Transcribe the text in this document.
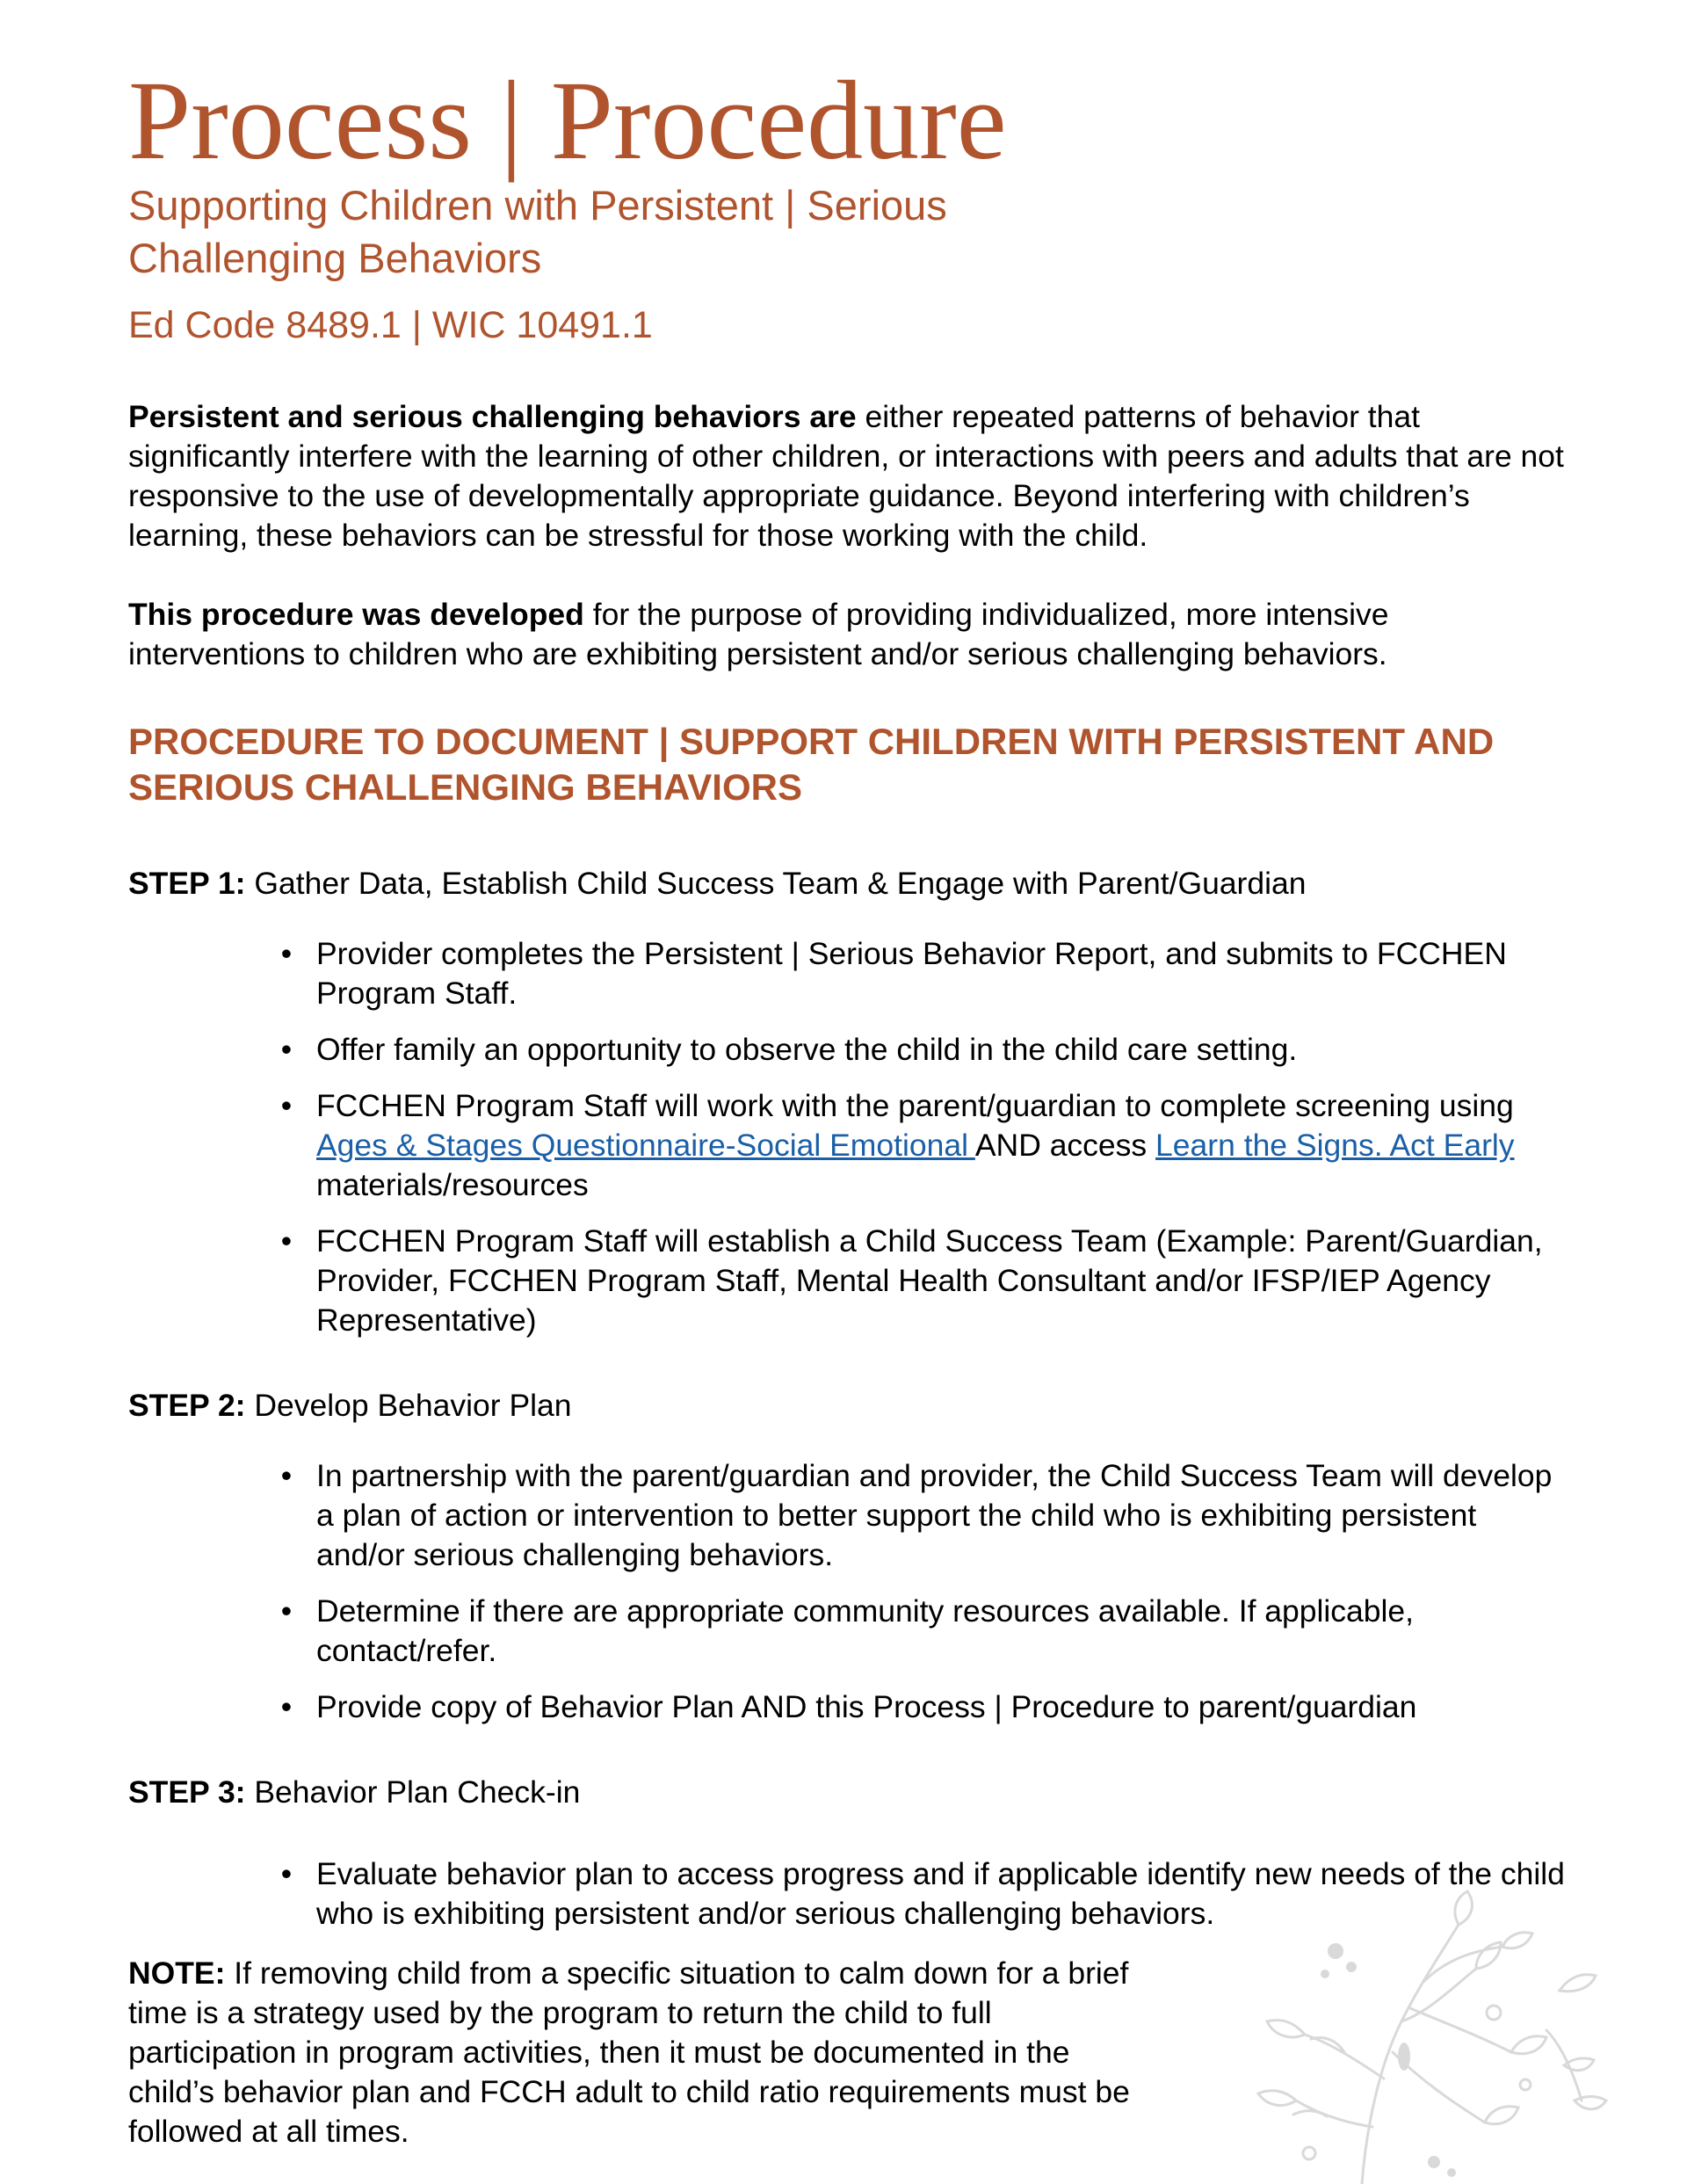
Process | Procedure
Supporting Children with Persistent | Serious
Challenging Behaviors
Ed Code 8489.1 | WIC 10491.1

Persistent and serious challenging behaviors are either repeated patterns of behavior that significantly interfere with the learning of other children, or interactions with peers and adults that are not responsive to the use of developmentally appropriate guidance. Beyond interfering with children’s learning, these behaviors can be stressful for those working with the child.

This procedure was developed for the purpose of providing individualized, more intensive interventions to children who are exhibiting persistent and/or serious challenging behaviors.

PROCEDURE TO DOCUMENT | SUPPORT CHILDREN WITH PERSISTENT AND SERIOUS CHALLENGING BEHAVIORS

STEP 1: Gather Data, Establish Child Success Team & Engage with Parent/Guardian

• Provider completes the Persistent | Serious Behavior Report, and submits to FCCHEN Program Staff.
• Offer family an opportunity to observe the child in the child care setting.
• FCCHEN Program Staff will work with the parent/guardian to complete screening using Ages & Stages Questionnaire-Social Emotional AND access Learn the Signs. Act Early materials/resources
• FCCHEN Program Staff will establish a Child Success Team (Example: Parent/Guardian, Provider, FCCHEN Program Staff, Mental Health Consultant and/or IFSP/IEP Agency Representative)

STEP 2: Develop Behavior Plan

• In partnership with the parent/guardian and provider, the Child Success Team will develop a plan of action or intervention to better support the child who is exhibiting persistent and/or serious challenging behaviors.
• Determine if there are appropriate community resources available. If applicable, contact/refer.
• Provide copy of Behavior Plan AND this Process | Procedure to parent/guardian

STEP 3: Behavior Plan Check-in

• Evaluate behavior plan to access progress and if applicable identify new needs of the child who is exhibiting persistent and/or serious challenging behaviors.

NOTE: If removing child from a specific situation to calm down for a brief time is a strategy used by the program to return the child to full participation in program activities, then it must be documented in the child’s behavior plan and FCCH adult to child ratio requirements must be followed at all times.
